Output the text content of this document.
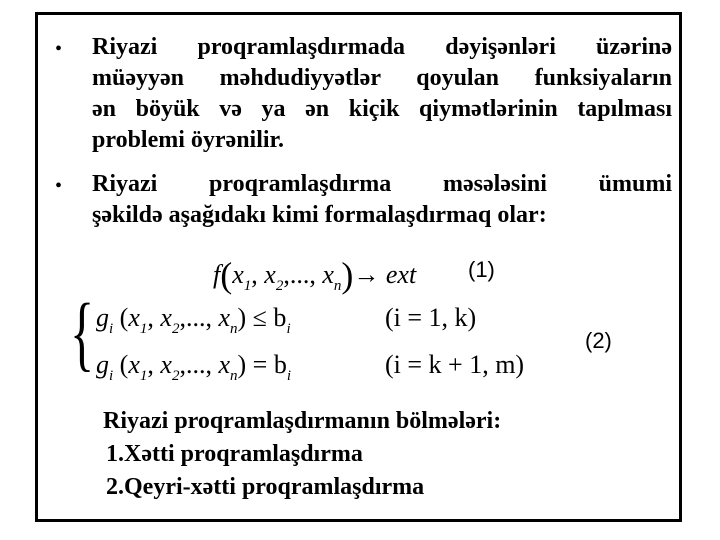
• Riyazi proqramlaşdırmada dəyişənləri üzərinə
müəyyən məhdudiyyətlər qoyulan funksiyaların
ən böyük və ya ən kiçik qiymətlərinin tapılması
problemi öyrənilir.
• Riyazi proqramlaşdırma məsələsini ümumi
şəkildə aşağıdakı kimi formalaşdırmaq olar:
$f(x_1$, $x_2$,..., $x_n)\to$ ext (1)
{ $g_i$ ($x_1$, $x_2$,..., $x_n) \le b_i$	(i = 1, k)
$g_i$ ($x_1$, $x_2$,..., $x_n) = b_i$	(i = k + 1, m)
(2)
Riyazi proqramlaşdırmanın bölmələri:
1.Xətti proqramlaşdırma
2.Qeyri-xətti proqramlaşdırma
